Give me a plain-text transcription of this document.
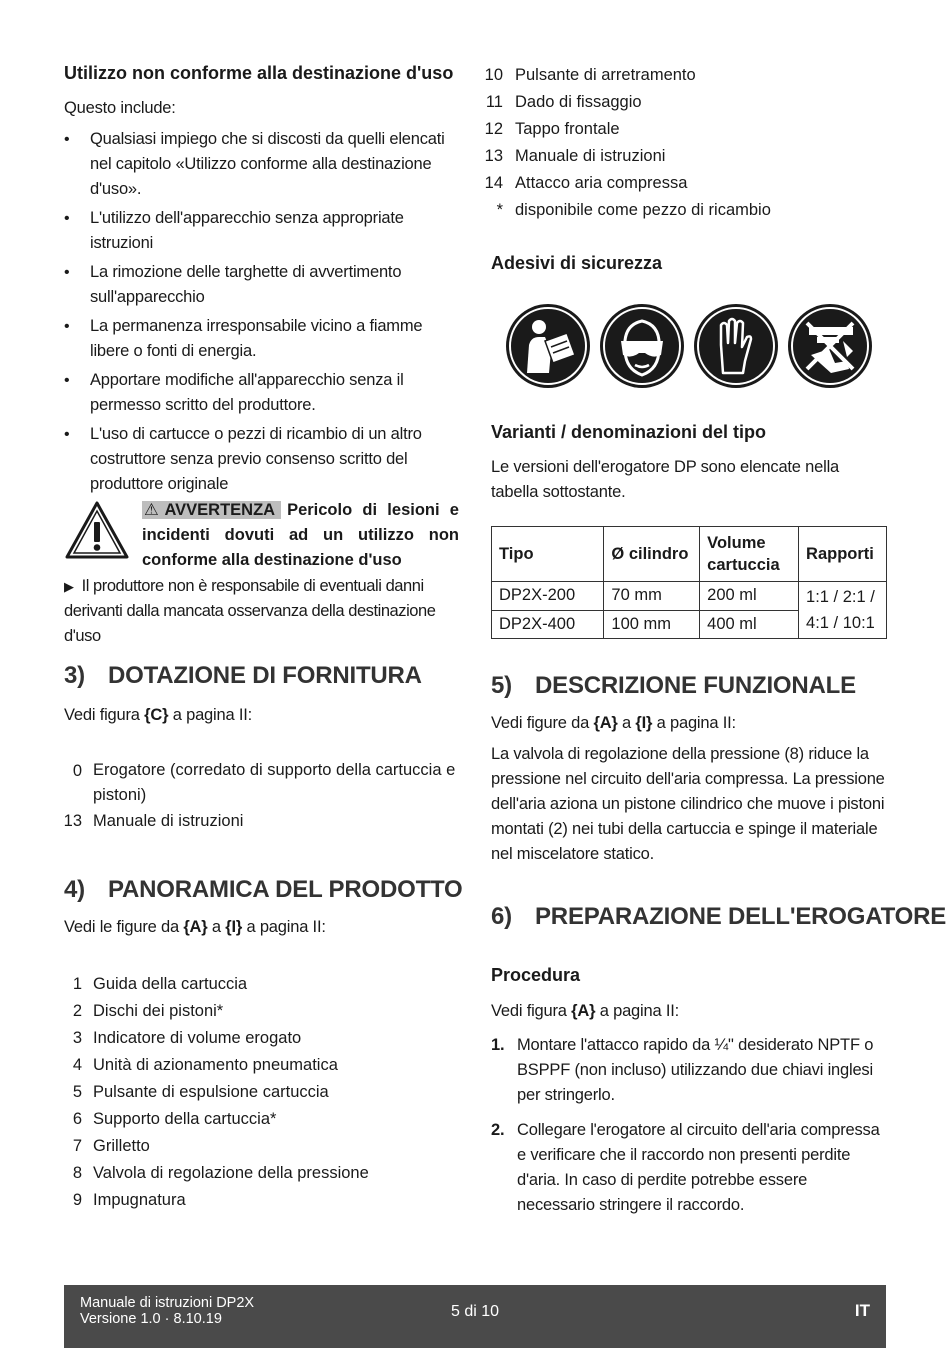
Utilizzo non conforme alla destinazione d'uso
Questo include:
• Qualsiasi impiego che si discosti da quelli elencati nel capitolo «Utilizzo conforme alla destinazione d'uso».
• L'utilizzo dell'apparecchio senza appropriate istruzioni
• La rimozione delle targhette di avvertimento sull'apparecchio
• La permanenza irresponsabile vicino a fiamme libere o fonti di energia.
• Apportare modifiche all'apparecchio senza il permesso scritto del produttore.
• L'uso di cartucce o pezzi di ricambio di un altro costruttore senza previo consenso scritto del produttore originale
⚠AVVERTENZA Pericolo di lesioni e incidenti dovuti ad un utilizzo non conforme alla destinazione d'uso
▶ Il produttore non è responsabile di eventuali danni derivanti dalla mancata osservanza della destinazione d'uso
3) DOTAZIONE DI FORNITURA
Vedi figura {C} a pagina II:
0 Erogatore (corredato di supporto della cartuccia e pistoni)
13 Manuale di istruzioni
4) PANORAMICA DEL PRODOTTO
Vedi le figure da {A} a {I} a pagina II:
1 Guida della cartuccia
2 Dischi dei pistoni*
3 Indicatore di volume erogato
4 Unità di azionamento pneumatica
5 Pulsante di espulsione cartuccia
6 Supporto della cartuccia*
7 Grilletto
8 Valvola di regolazione della pressione
9 Impugnatura
10 Pulsante di arretramento
11 Dado di fissaggio
12 Tappo frontale
13 Manuale di istruzioni
14 Attacco aria compressa
* disponibile come pezzo di ricambio
Adesivi di sicurezza
Varianti / denominazioni del tipo
Le versioni dell'erogatore DP sono elencate nella tabella sottostante.
Tipo	Ø cilindro	Volume cartuccia	Rapporti
DP2X-200	70 mm	200 ml	1:1 / 2:1 / 4:1 / 10:1
DP2X-400	100 mm	400 ml	
5) DESCRIZIONE FUNZIONALE
Vedi figure da {A} a {I} a pagina II:
La valvola di regolazione della pressione (8) riduce la pressione nel circuito dell'aria compressa. La pressione dell'aria aziona un pistone cilindrico che muove i pistoni montati (2) nei tubi della cartuccia e spinge il materiale nel miscelatore statico.
6) PREPARAZIONE DELL'EROGATORE
Procedura
Vedi figura {A} a pagina II:
1. Montare l'attacco rapido da ¼" desiderato NPTF o BSPPF (non incluso) utilizzando due chiavi inglesi per stringerlo.
2. Collegare l'erogatore al circuito dell'aria compressa e verificare che il raccordo non presenti perdite d'aria. In caso di perdite potrebbe essere necessario stringere il raccordo.
Manuale di istruzioni DP2X
Versione 1.0 · 8.10.19	5 di 10	IT
